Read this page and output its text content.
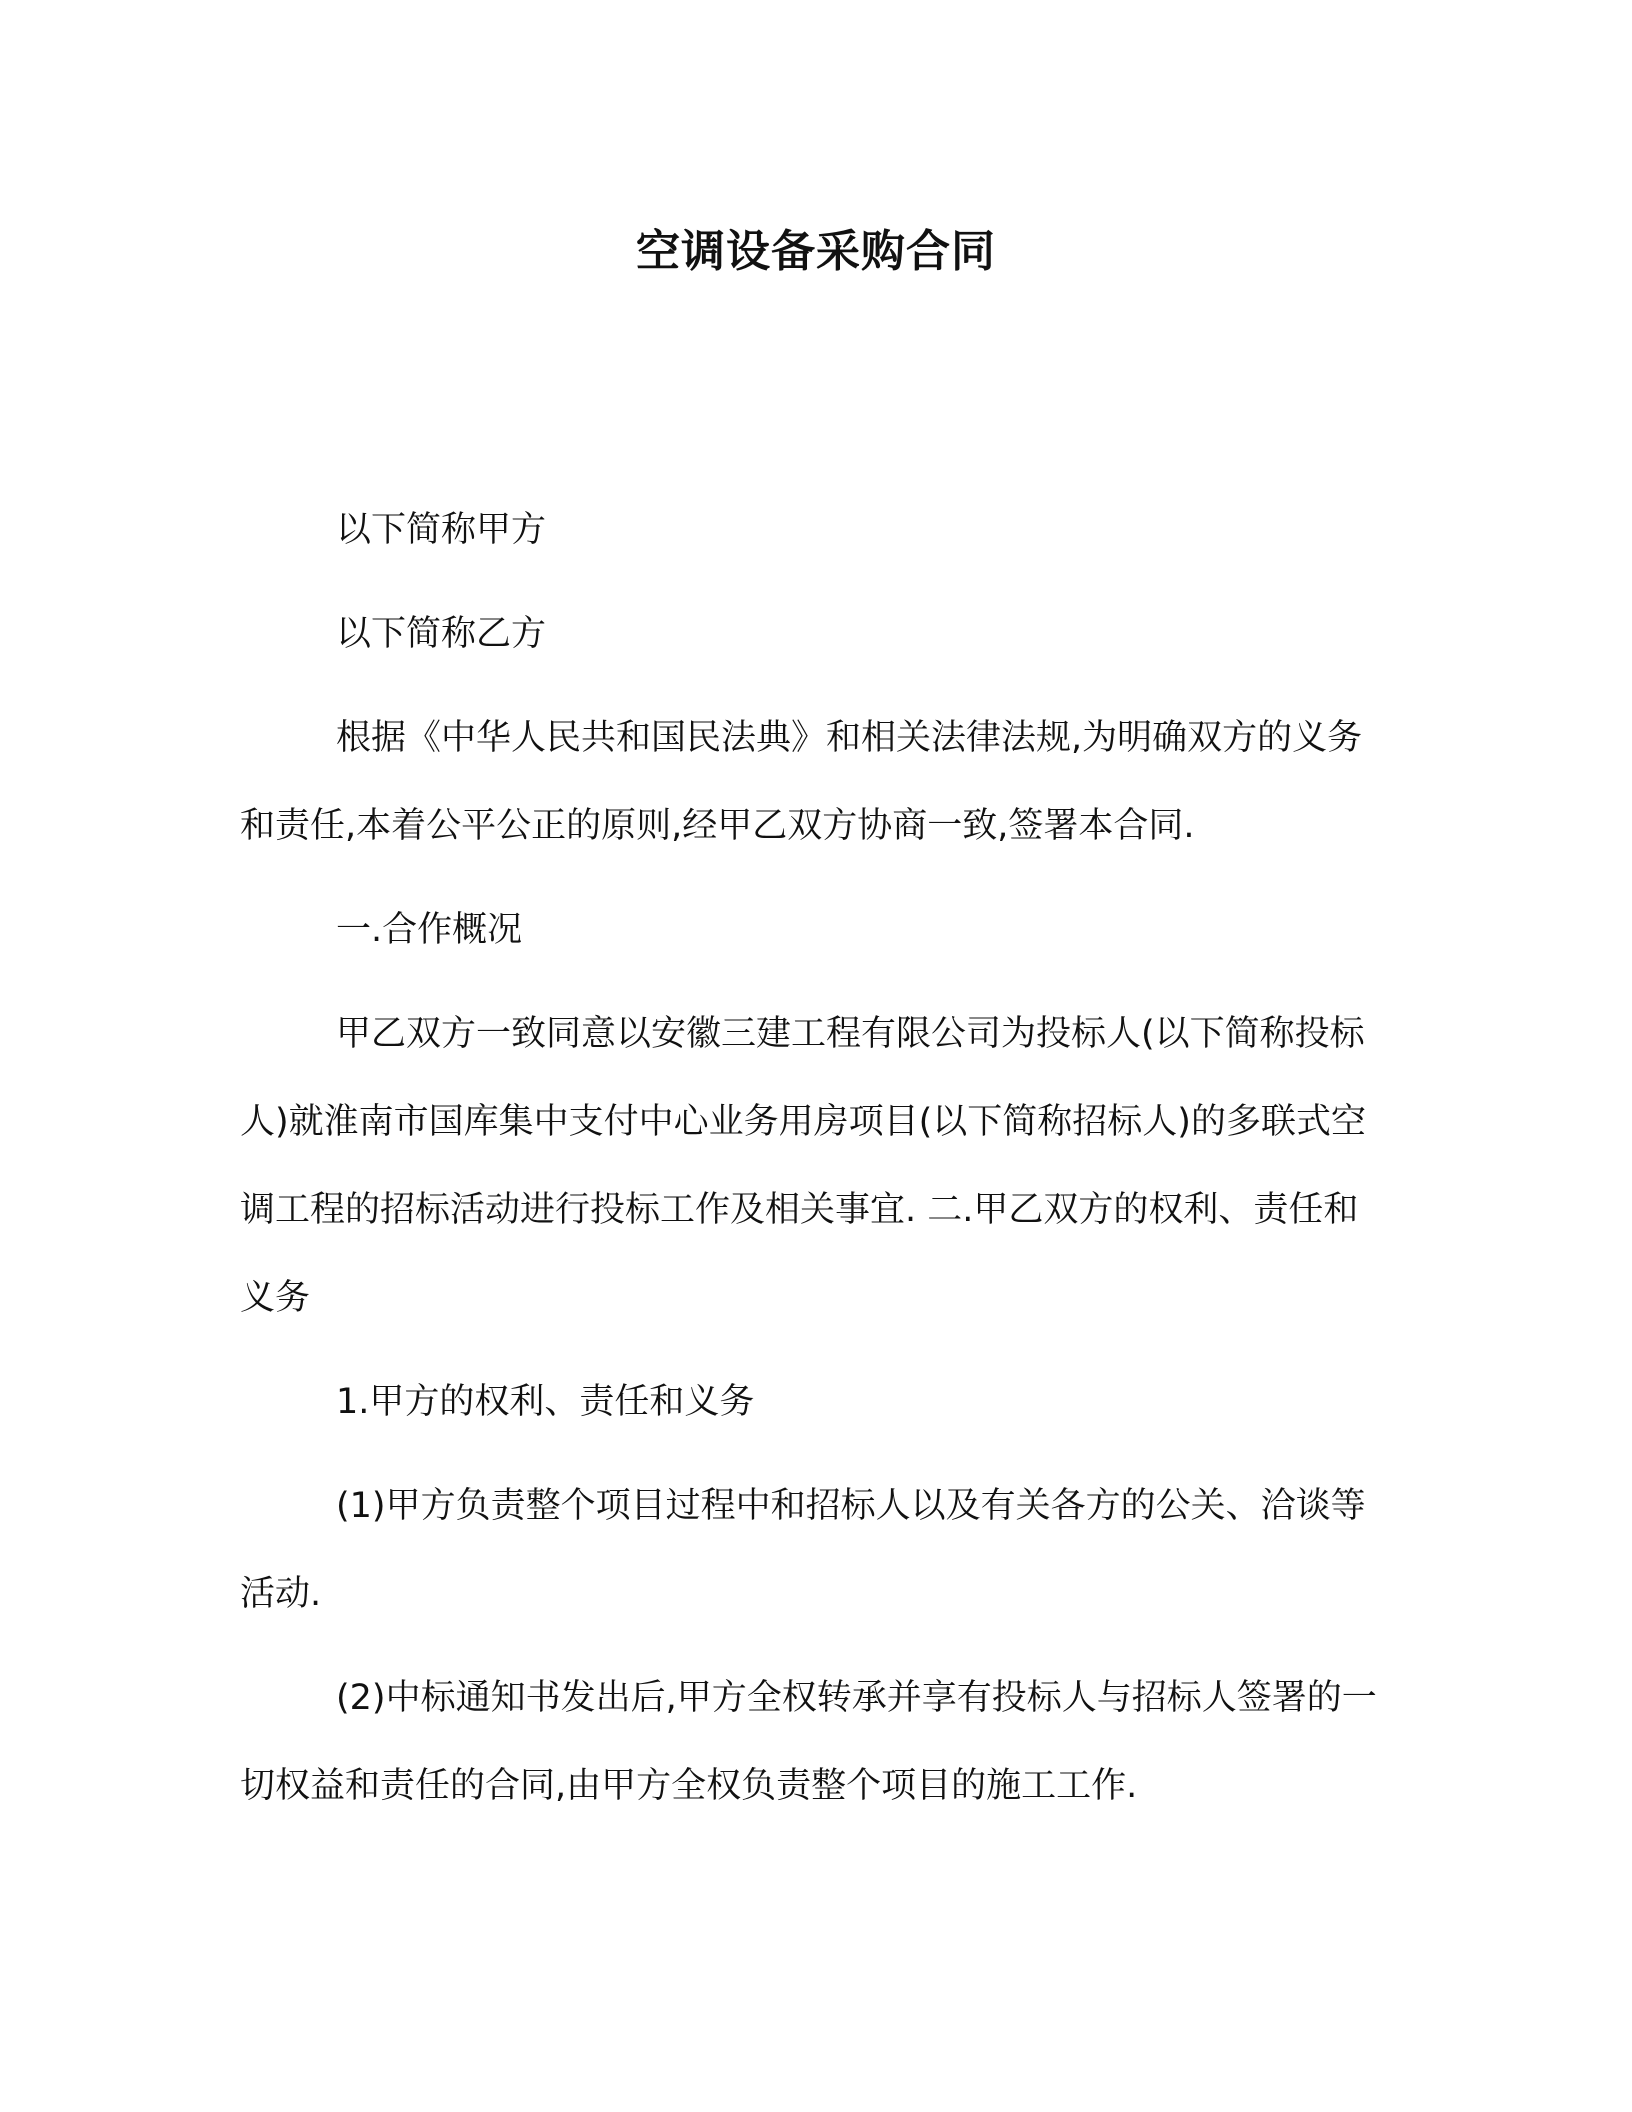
空调设备采购合同

以下简称甲方

以下简称乙方

根据《中华人民共和国民法典》和相关法律法规,为明确双方的义务和责任,本着公平公正的原则,经甲乙双方协商一致,签署本合同.

一.合作概况

甲乙双方一致同意以安徽三建工程有限公司为投标人(以下简称投标人)就淮南市国库集中支付中心业务用房项目(以下简称招标人)的多联式空调工程的招标活动进行投标工作及相关事宜. 二.甲乙双方的权利、责任和义务

1.甲方的权利、责任和义务

(1)甲方负责整个项目过程中和招标人以及有关各方的公关、洽谈等活动.

(2)中标通知书发出后,甲方全权转承并享有投标人与招标人签署的一切权益和责任的合同,由甲方全权负责整个项目的施工工作.
